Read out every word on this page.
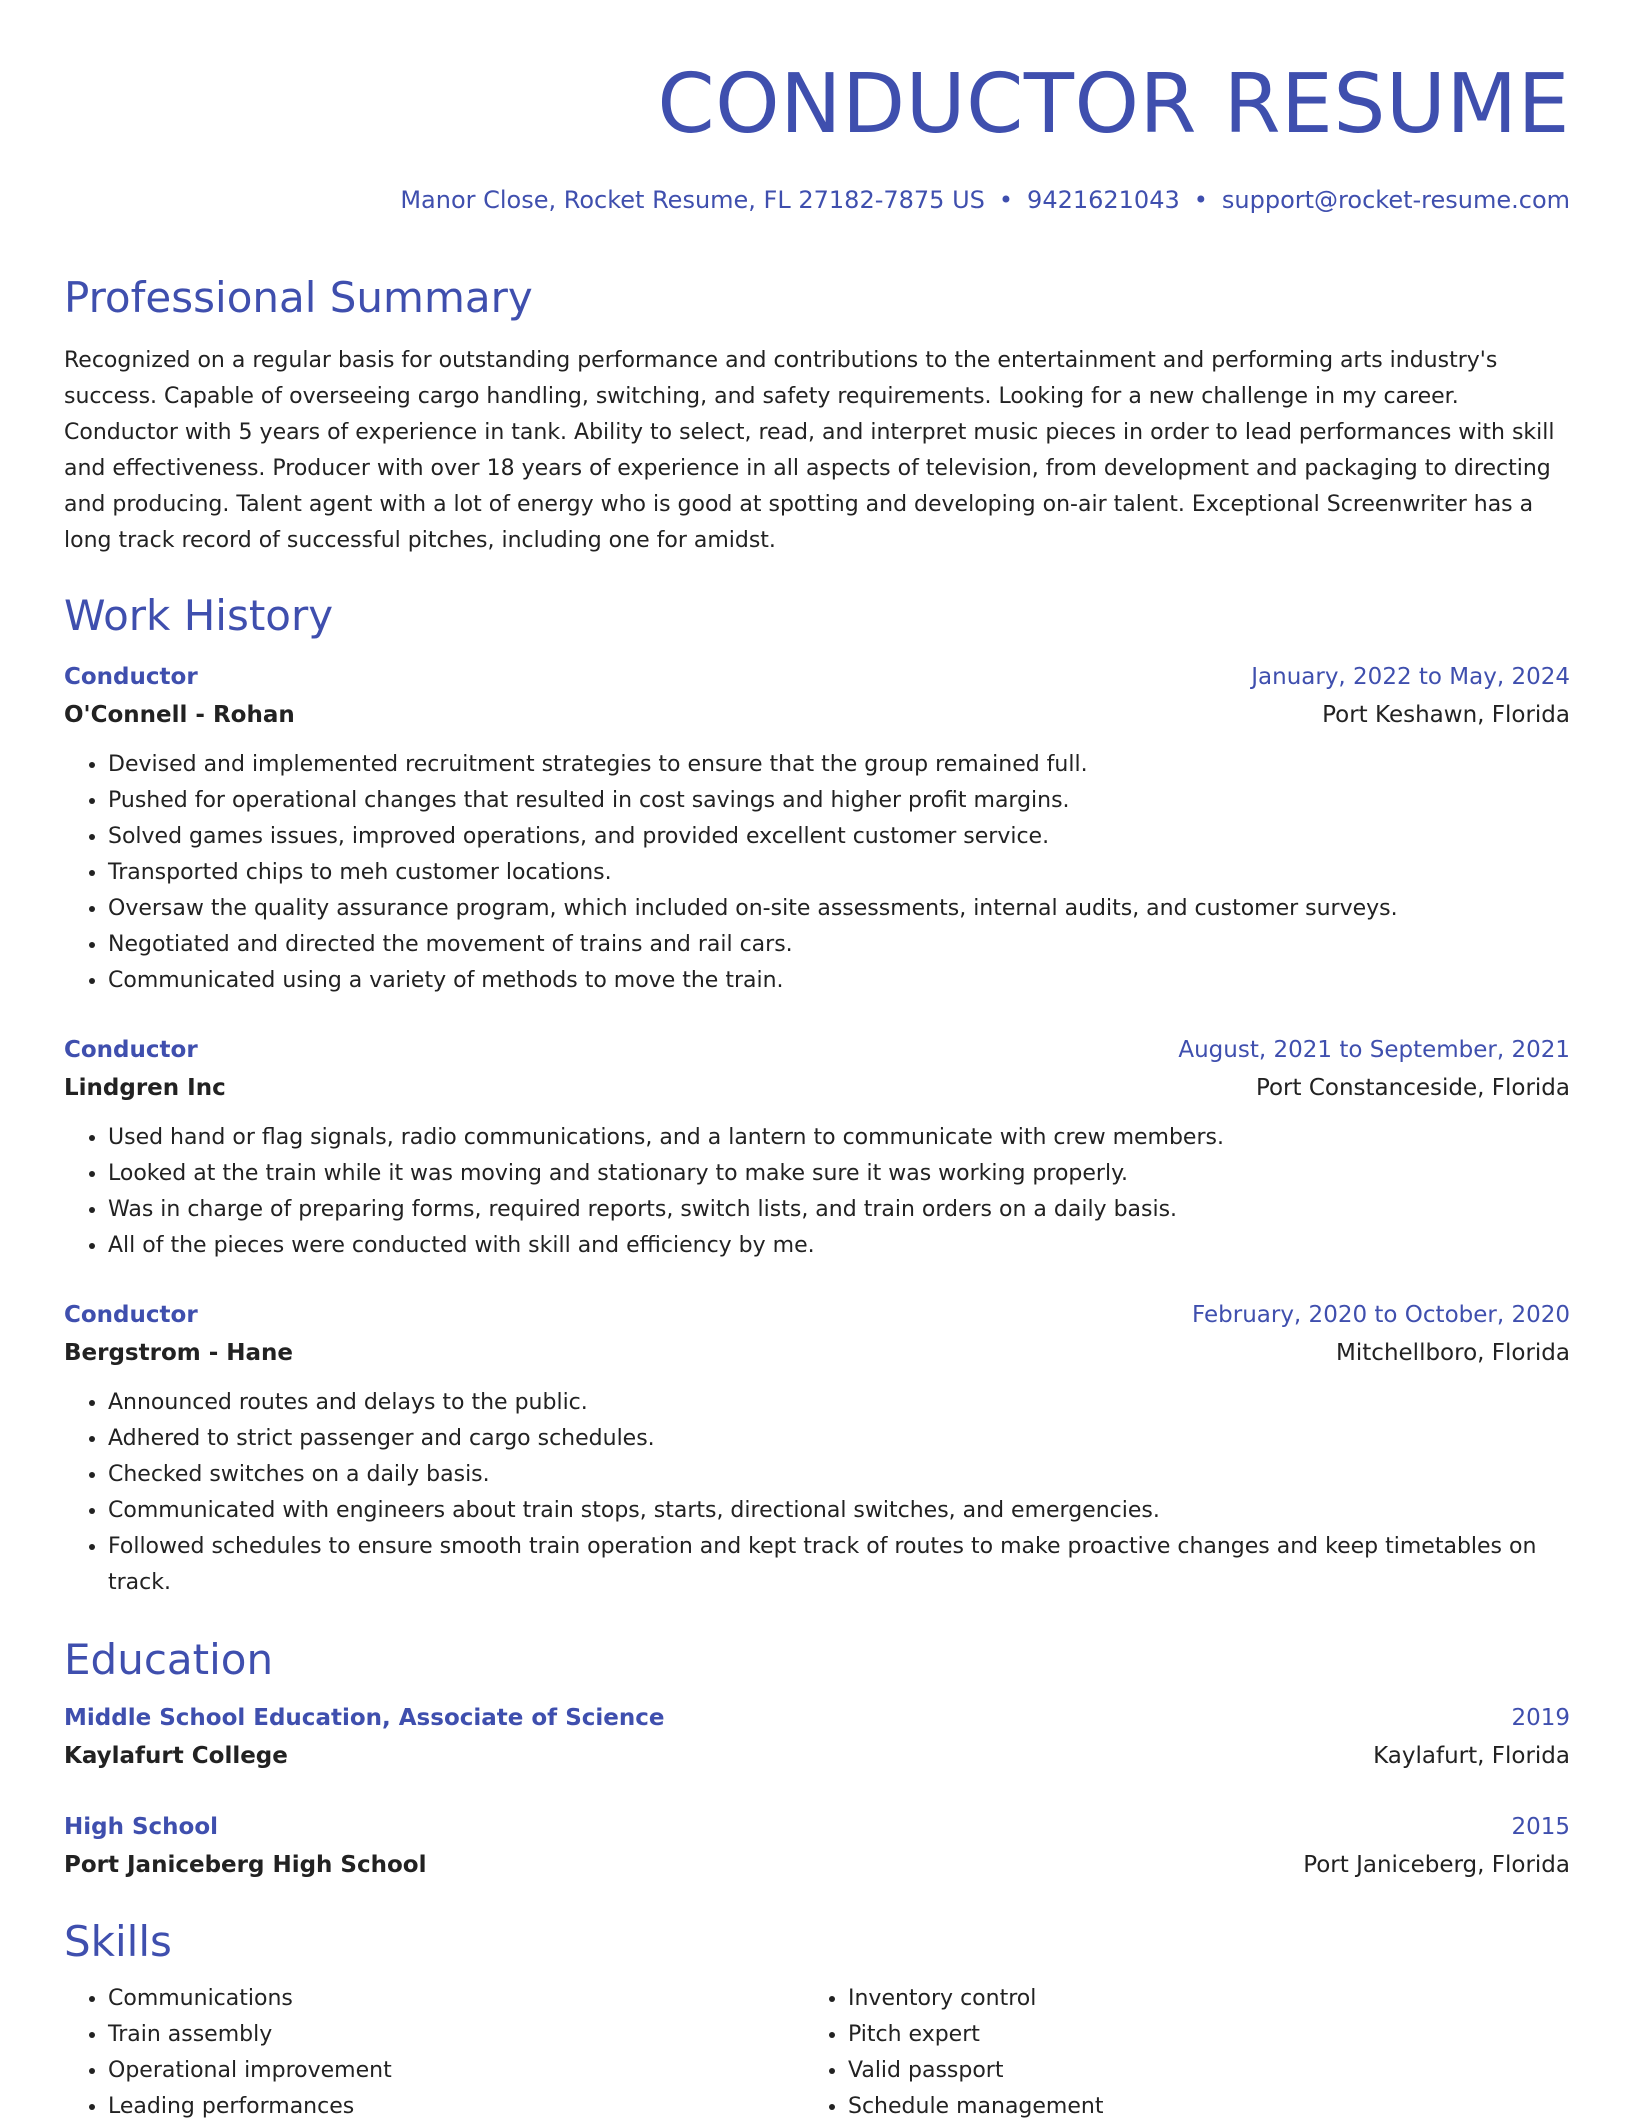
CONDUCTOR RESUME
Manor Close, Rocket Resume, FL 27182-7875 US • 9421621043 • support@rocket-resume.com
Professional Summary
Recognized on a regular basis for outstanding performance and contributions to the entertainment and performing arts industry's success. Capable of overseeing cargo handling, switching, and safety requirements. Looking for a new challenge in my career. Conductor with 5 years of experience in tank. Ability to select, read, and interpret music pieces in order to lead performances with skill and effectiveness. Producer with over 18 years of experience in all aspects of television, from development and packaging to directing and producing. Talent agent with a lot of energy who is good at spotting and developing on-air talent. Exceptional Screenwriter has a long track record of successful pitches, including one for amidst.
Work History
Conductor	January, 2022 to May, 2024
O'Connell - Rohan	Port Keshawn, Florida
• Devised and implemented recruitment strategies to ensure that the group remained full.
• Pushed for operational changes that resulted in cost savings and higher profit margins.
• Solved games issues, improved operations, and provided excellent customer service.
• Transported chips to meh customer locations.
• Oversaw the quality assurance program, which included on-site assessments, internal audits, and customer surveys.
• Negotiated and directed the movement of trains and rail cars.
• Communicated using a variety of methods to move the train.
Conductor	August, 2021 to September, 2021
Lindgren Inc	Port Constanceside, Florida
• Used hand or flag signals, radio communications, and a lantern to communicate with crew members.
• Looked at the train while it was moving and stationary to make sure it was working properly.
• Was in charge of preparing forms, required reports, switch lists, and train orders on a daily basis.
• All of the pieces were conducted with skill and efficiency by me.
Conductor	February, 2020 to October, 2020
Bergstrom - Hane	Mitchellboro, Florida
• Announced routes and delays to the public.
• Adhered to strict passenger and cargo schedules.
• Checked switches on a daily basis.
• Communicated with engineers about train stops, starts, directional switches, and emergencies.
• Followed schedules to ensure smooth train operation and kept track of routes to make proactive changes and keep timetables on track.
Education
Middle School Education, Associate of Science	2019
Kaylafurt College	Kaylafurt, Florida
High School	2015
Port Janiceberg High School	Port Janiceberg, Florida
Skills
• Communications
• Train assembly
• Operational improvement
• Leading performances
• Inventory control
• Pitch expert
• Valid passport
• Schedule management
